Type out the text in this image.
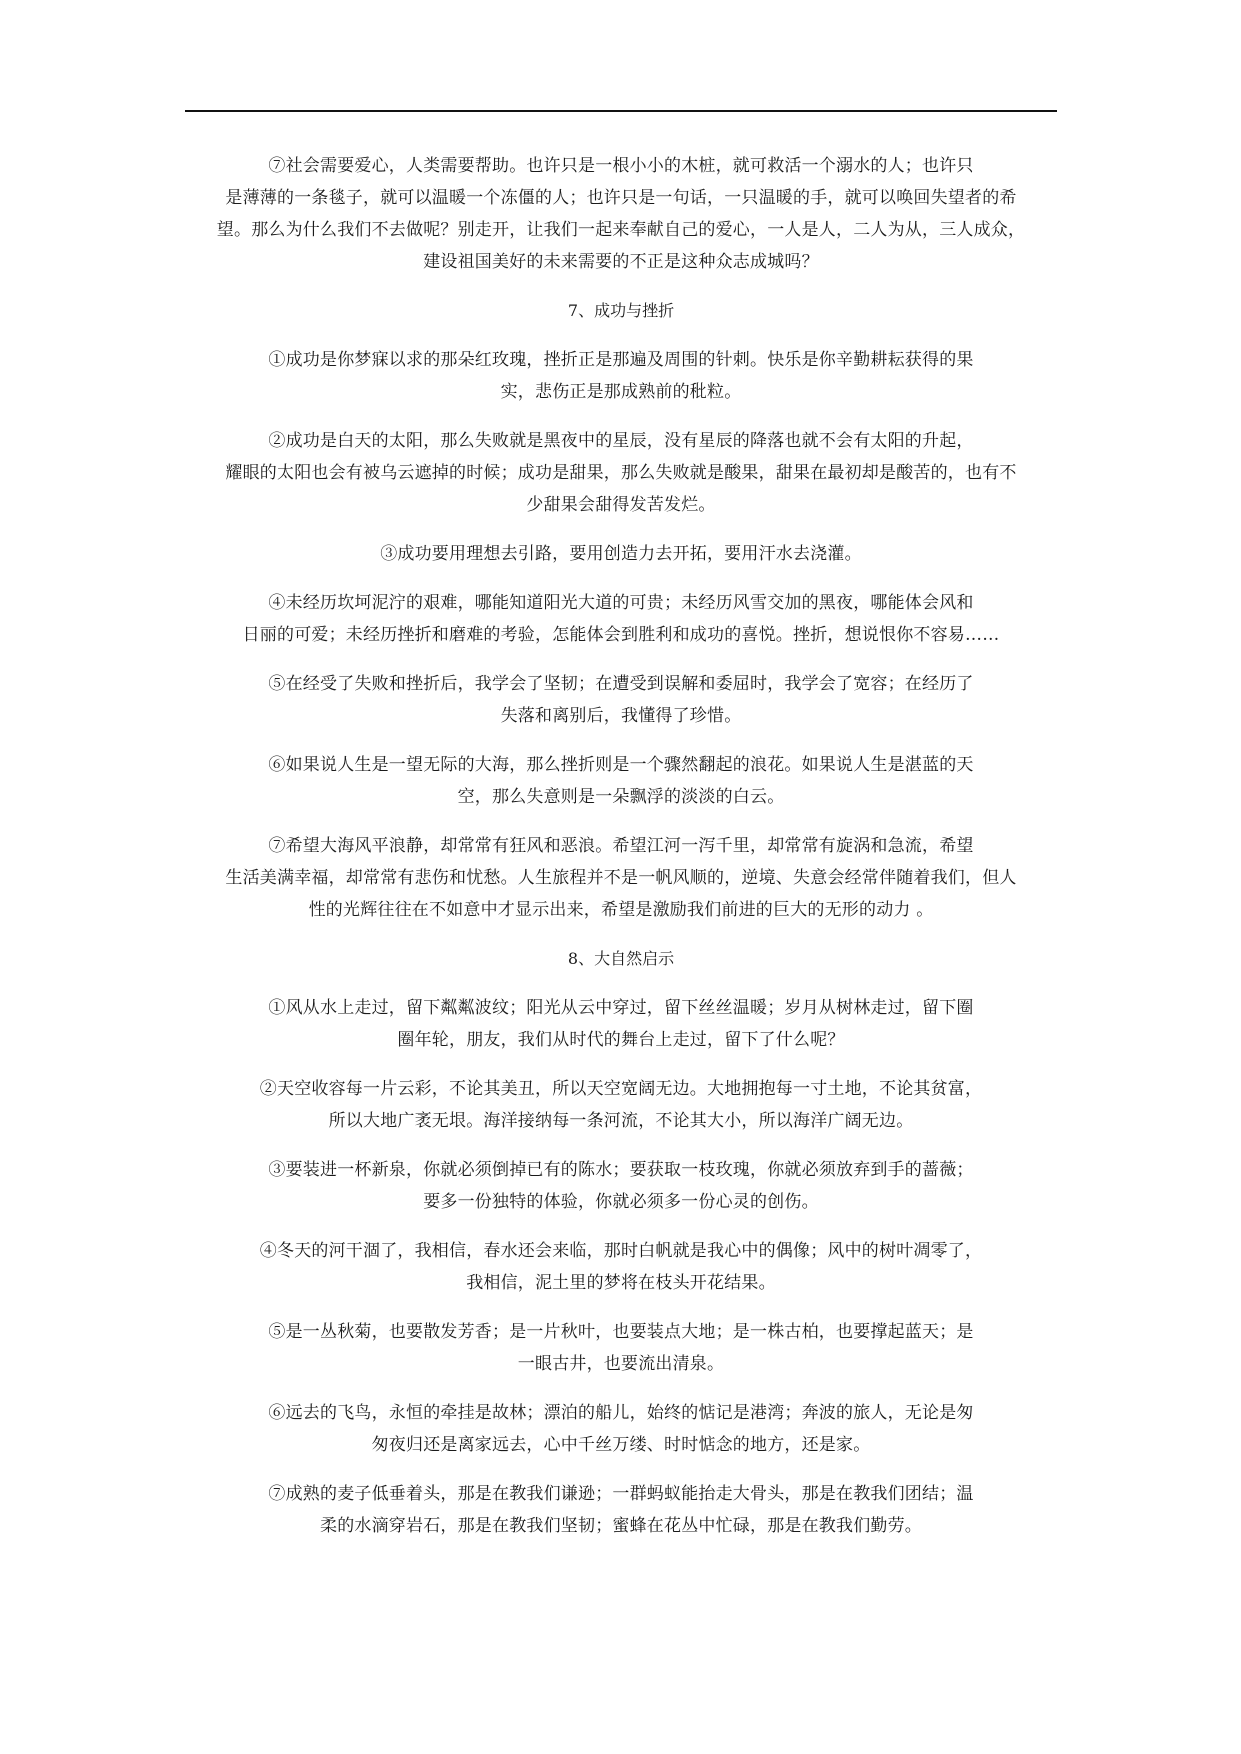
⑦社会需要爱心，人类需要帮助。也许只是一根小小的木桩，就可救活一个溺水的人；也许只
是薄薄的一条毯子，就可以温暖一个冻僵的人；也许只是一句话，一只温暖的手，就可以唤回失望者的希
望。那么为什么我们不去做呢？别走开，让我们一起来奉献自己的爱心，一人是人，二人为从，三人成众，
建设祖国美好的未来需要的不正是这种众志成城吗？

7、成功与挫折

①成功是你梦寐以求的那朵红玫瑰，挫折正是那遍及周围的针刺。快乐是你辛勤耕耘获得的果
实，悲伤正是那成熟前的秕粒。

②成功是白天的太阳，那么失败就是黑夜中的星辰，没有星辰的降落也就不会有太阳的升起，
耀眼的太阳也会有被乌云遮掉的时候；成功是甜果，那么失败就是酸果，甜果在最初却是酸苦的，也有不
少甜果会甜得发苦发烂。

③成功要用理想去引路，要用创造力去开拓，要用汗水去浇灌。

④未经历坎坷泥泞的艰难，哪能知道阳光大道的可贵；未经历风雪交加的黑夜，哪能体会风和
日丽的可爱；未经历挫折和磨难的考验，怎能体会到胜利和成功的喜悦。挫折，想说恨你不容易……

⑤在经受了失败和挫折后，我学会了坚韧；在遭受到误解和委屈时，我学会了宽容；在经历了
失落和离别后，我懂得了珍惜。

⑥如果说人生是一望无际的大海，那么挫折则是一个骤然翻起的浪花。如果说人生是湛蓝的天
空，那么失意则是一朵飘浮的淡淡的白云。

⑦希望大海风平浪静，却常常有狂风和恶浪。希望江河一泻千里，却常常有旋涡和急流，希望
生活美满幸福，却常常有悲伤和忧愁。人生旅程并不是一帆风顺的，逆境、失意会经常伴随着我们，但人
性的光辉往往在不如意中才显示出来，希望是激励我们前进的巨大的无形的动力 。

8、大自然启示

①风从水上走过，留下粼粼波纹；阳光从云中穿过，留下丝丝温暖；岁月从树林走过，留下圈
圈年轮，朋友，我们从时代的舞台上走过，留下了什么呢？

②天空收容每一片云彩，不论其美丑，所以天空宽阔无边。大地拥抱每一寸土地，不论其贫富，
所以大地广袤无垠。海洋接纳每一条河流，不论其大小，所以海洋广阔无边。

③要装进一杯新泉，你就必须倒掉已有的陈水；要获取一枝玫瑰，你就必须放弃到手的蔷薇；
要多一份独特的体验，你就必须多一份心灵的创伤。

④冬天的河干涸了，我相信，春水还会来临，那时白帆就是我心中的偶像；风中的树叶凋零了，
我相信，泥土里的梦将在枝头开花结果。

⑤是一丛秋菊，也要散发芳香；是一片秋叶，也要装点大地；是一株古柏，也要撑起蓝天；是
一眼古井，也要流出清泉。

⑥远去的飞鸟，永恒的牵挂是故林；漂泊的船儿，始终的惦记是港湾；奔波的旅人，无论是匆
匆夜归还是离家远去，心中千丝万缕、时时惦念的地方，还是家。

⑦成熟的麦子低垂着头，那是在教我们谦逊；一群蚂蚁能抬走大骨头，那是在教我们团结；温
柔的水滴穿岩石，那是在教我们坚韧；蜜蜂在花丛中忙碌，那是在教我们勤劳。
